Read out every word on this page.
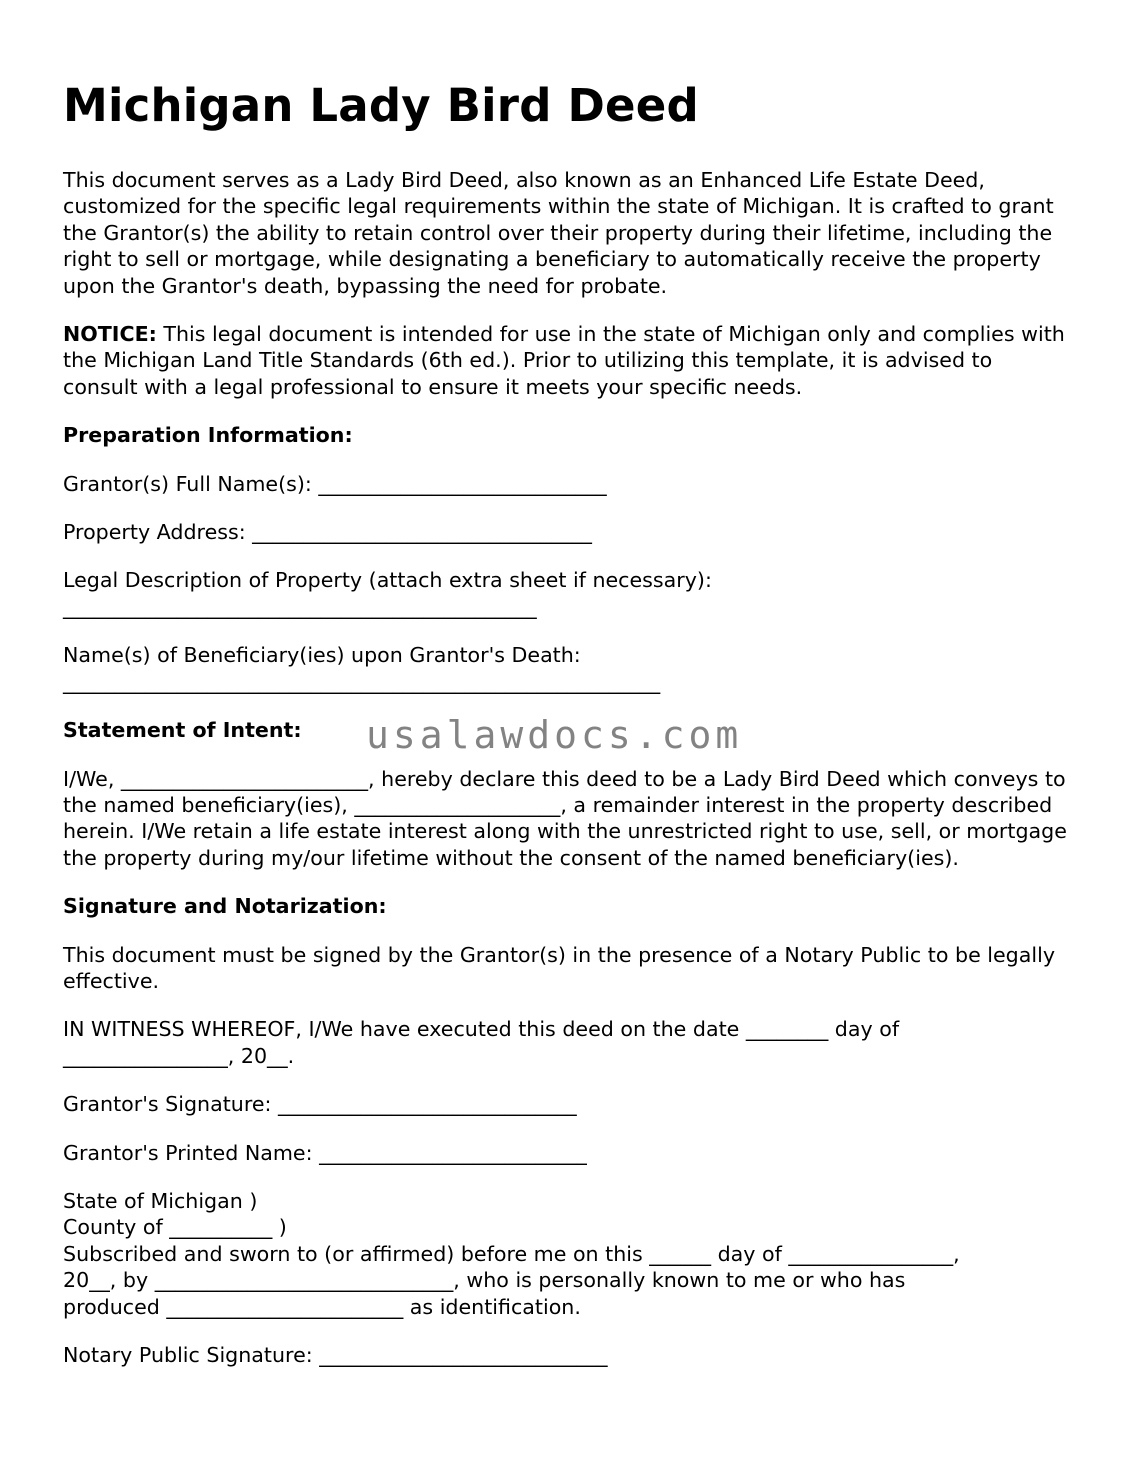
Michigan Lady Bird Deed

This document serves as a Lady Bird Deed, also known as an Enhanced Life Estate Deed, customized for the specific legal requirements within the state of Michigan. It is crafted to grant the Grantor(s) the ability to retain control over their property during their lifetime, including the right to sell or mortgage, while designating a beneficiary to automatically receive the property upon the Grantor's death, bypassing the need for probate.

NOTICE: This legal document is intended for use in the state of Michigan only and complies with the Michigan Land Title Standards (6th ed.). Prior to utilizing this template, it is advised to consult with a legal professional to ensure it meets your specific needs.

Preparation Information:

Grantor(s) Full Name(s): ____________________________

Property Address: _________________________________

Legal Description of Property (attach extra sheet if necessary):
______________________________________________

Name(s) of Beneficiary(ies) upon Grantor's Death:
__________________________________________________________

Statement of Intent:

I/We, ________________________, hereby declare this deed to be a Lady Bird Deed which conveys to the named beneficiary(ies), ____________________, a remainder interest in the property described herein. I/We retain a life estate interest along with the unrestricted right to use, sell, or mortgage the property during my/our lifetime without the consent of the named beneficiary(ies).

Signature and Notarization:

This document must be signed by the Grantor(s) in the presence of a Notary Public to be legally effective.

IN WITNESS WHEREOF, I/We have executed this deed on the date ________ day of
________________, 20__.

Grantor's Signature: _____________________________

Grantor's Printed Name: __________________________

State of Michigan )
County of __________ )
Subscribed and sworn to (or affirmed) before me on this ______ day of ________________,
20__, by _____________________________, who is personally known to me or who has
produced _______________________ as identification.

Notary Public Signature: ____________________________

usalawdocs.com
